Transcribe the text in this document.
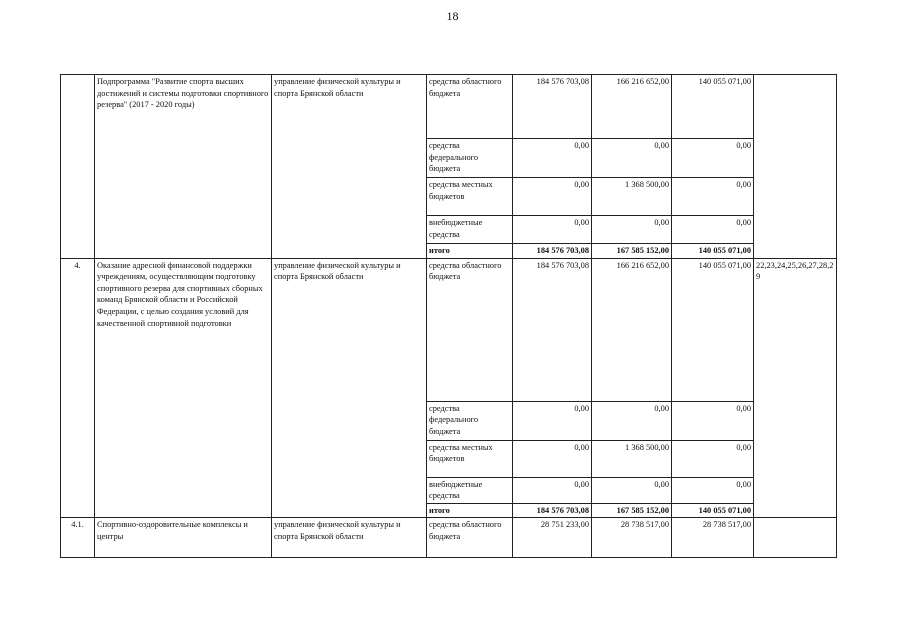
18
	Подпрограмма "Развитие спорта высших достижений и системы подготовки спортивного резерва" (2017 - 2020 годы)	управление физической культуры и спорта Брянской области	средства областного бюджета	184 576 703,08	166 216 652,00	140 055 071,00	
			средства федерального бюджета	0,00	0,00	0,00	
			средства местных бюджетов	0,00	1 368 500,00	0,00	
			внебюджетные средства	0,00	0,00	0,00	
			итого	184 576 703,08	167 585 152,00	140 055 071,00	
4.	Оказание адресной финансовой поддержки учреждениям, осуществляющим подготовку спортивного резерва для спортивных сборных команд Брянской области и Российской Федерации, с целью создания условий для качественной спортивной подготовки	управление физической культуры и спорта Брянской области	средства областного бюджета	184 576 703,08	166 216 652,00	140 055 071,00	22,23,24,25,26,27,28,29
			средства федерального бюджета	0,00	0,00	0,00	
			средства местных бюджетов	0,00	1 368 500,00	0,00	
			внебюджетные средства	0,00	0,00	0,00	
			итого	184 576 703,08	167 585 152,00	140 055 071,00	
4.1.	Спортивно-оздоровительные комплексы и центры	управление физической культуры и спорта Брянской области	средства областного бюджета	28 751 233,00	28 738 517,00	28 738 517,00	
